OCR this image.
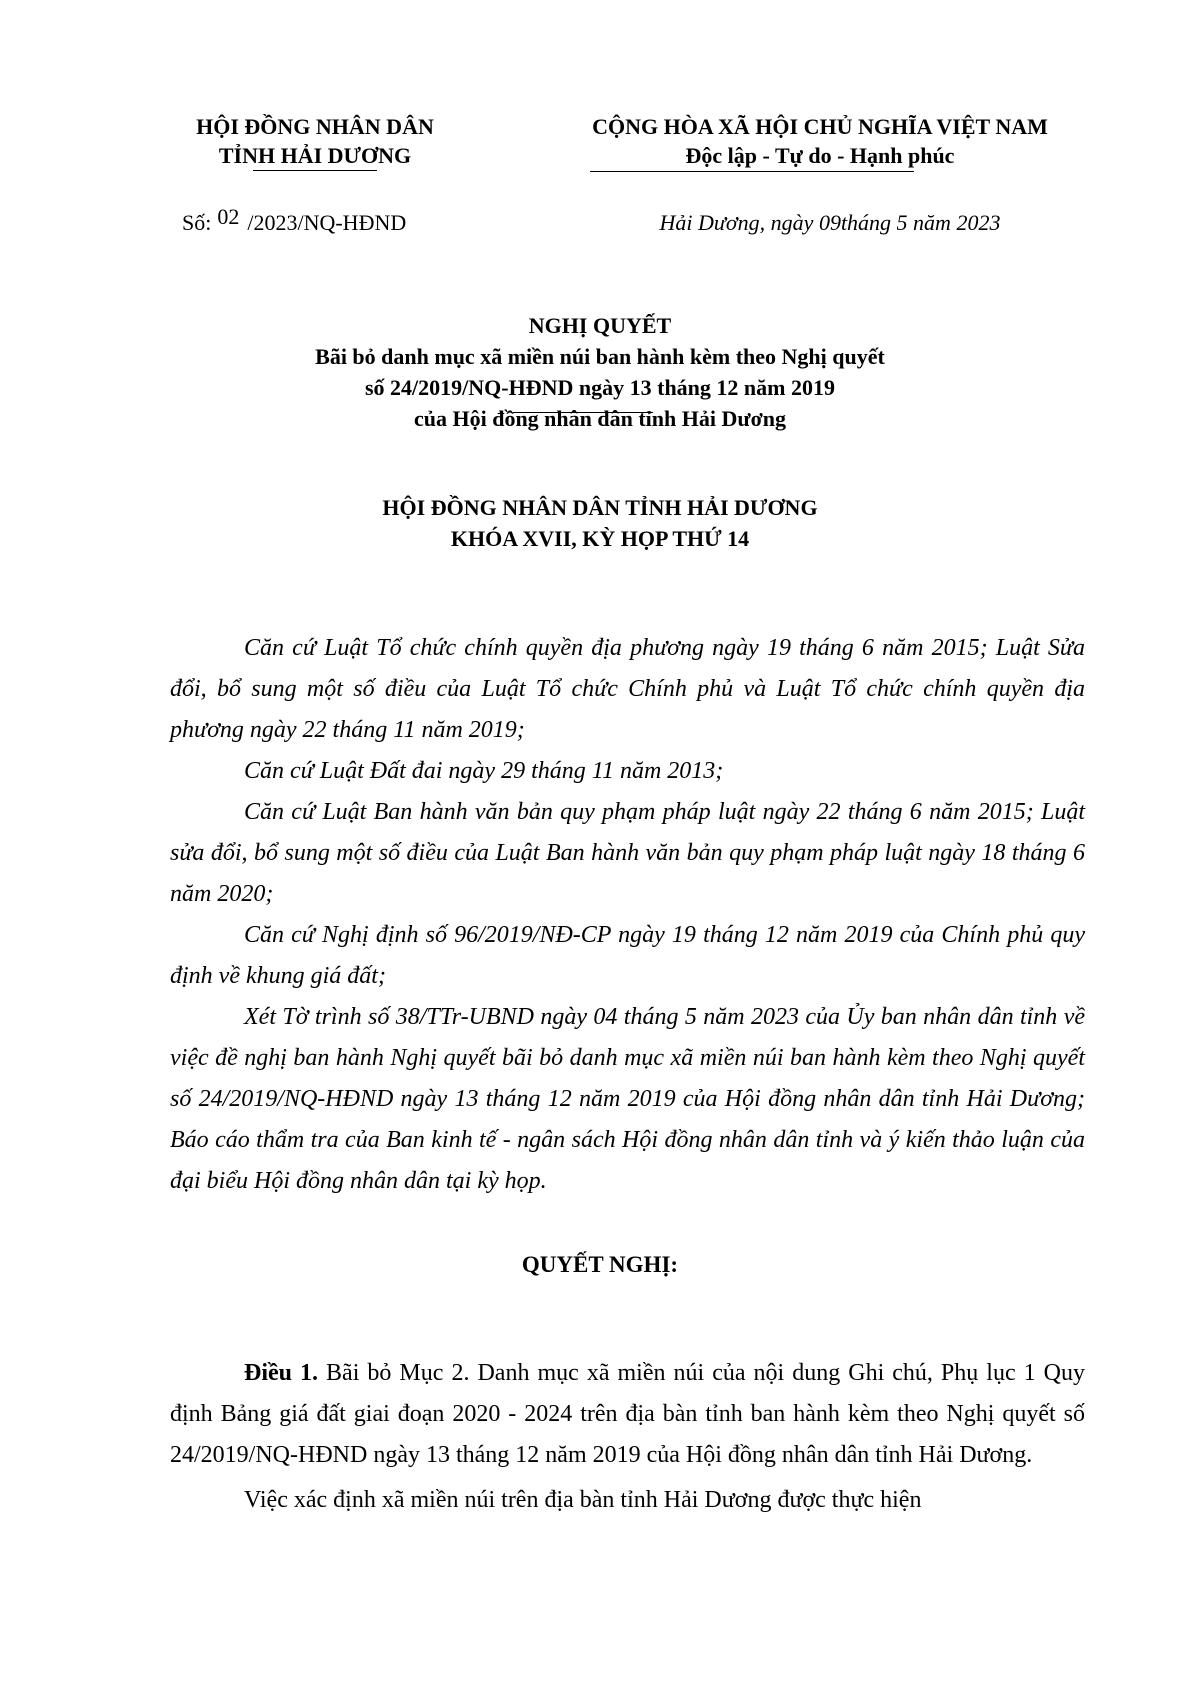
HỘI ĐỒNG NHÂN DÂN
TỈNH HẢI DƯƠNG
CỘNG HÒA XÃ HỘI CHỦ NGHĨA VIỆT NAM
Độc lập - Tự do - Hạnh phúc
Số: 02 /2023/NQ-HĐND	Hải Dương, ngày 09tháng 5 năm 2023
NGHỊ QUYẾT
Bãi bỏ danh mục xã miền núi ban hành kèm theo Nghị quyết
số 24/2019/NQ-HĐND ngày 13 tháng 12 năm 2019
của Hội đồng nhân dân tỉnh Hải Dương
HỘI ĐỒNG NHÂN DÂN TỈNH HẢI DƯƠNG
KHÓA XVII, KỲ HỌP THỨ 14

Căn cứ Luật Tổ chức chính quyền địa phương ngày 19 tháng 6 năm 2015; Luật Sửa đổi, bổ sung một số điều của Luật Tổ chức Chính phủ và Luật Tổ chức chính quyền địa phương ngày 22 tháng 11 năm 2019;

Căn cứ Luật Đất đai ngày 29 tháng 11 năm 2013;

Căn cứ Luật Ban hành văn bản quy phạm pháp luật ngày 22 tháng 6 năm 2015; Luật sửa đổi, bổ sung một số điều của Luật Ban hành văn bản quy phạm pháp luật ngày 18 tháng 6 năm 2020;

Căn cứ Nghị định số 96/2019/NĐ-CP ngày 19 tháng 12 năm 2019 của Chính phủ quy định về khung giá đất;

Xét Tờ trình số 38/TTr-UBND ngày 04 tháng 5 năm 2023 của Ủy ban nhân dân tỉnh về việc đề nghị ban hành Nghị quyết bãi bỏ danh mục xã miền núi ban hành kèm theo Nghị quyết số 24/2019/NQ-HĐND ngày 13 tháng 12 năm 2019 của Hội đồng nhân dân tỉnh Hải Dương; Báo cáo thẩm tra của Ban kinh tế - ngân sách Hội đồng nhân dân tỉnh và ý kiến thảo luận của đại biểu Hội đồng nhân dân tại kỳ họp.

QUYẾT NGHỊ:

Điều 1. Bãi bỏ Mục 2. Danh mục xã miền núi của nội dung Ghi chú, Phụ lục 1 Quy định Bảng giá đất giai đoạn 2020 - 2024 trên địa bàn tỉnh ban hành kèm theo Nghị quyết số 24/2019/NQ-HĐND ngày 13 tháng 12 năm 2019 của Hội đồng nhân dân tỉnh Hải Dương.

Việc xác định xã miền núi trên địa bàn tỉnh Hải Dương được thực hiện
